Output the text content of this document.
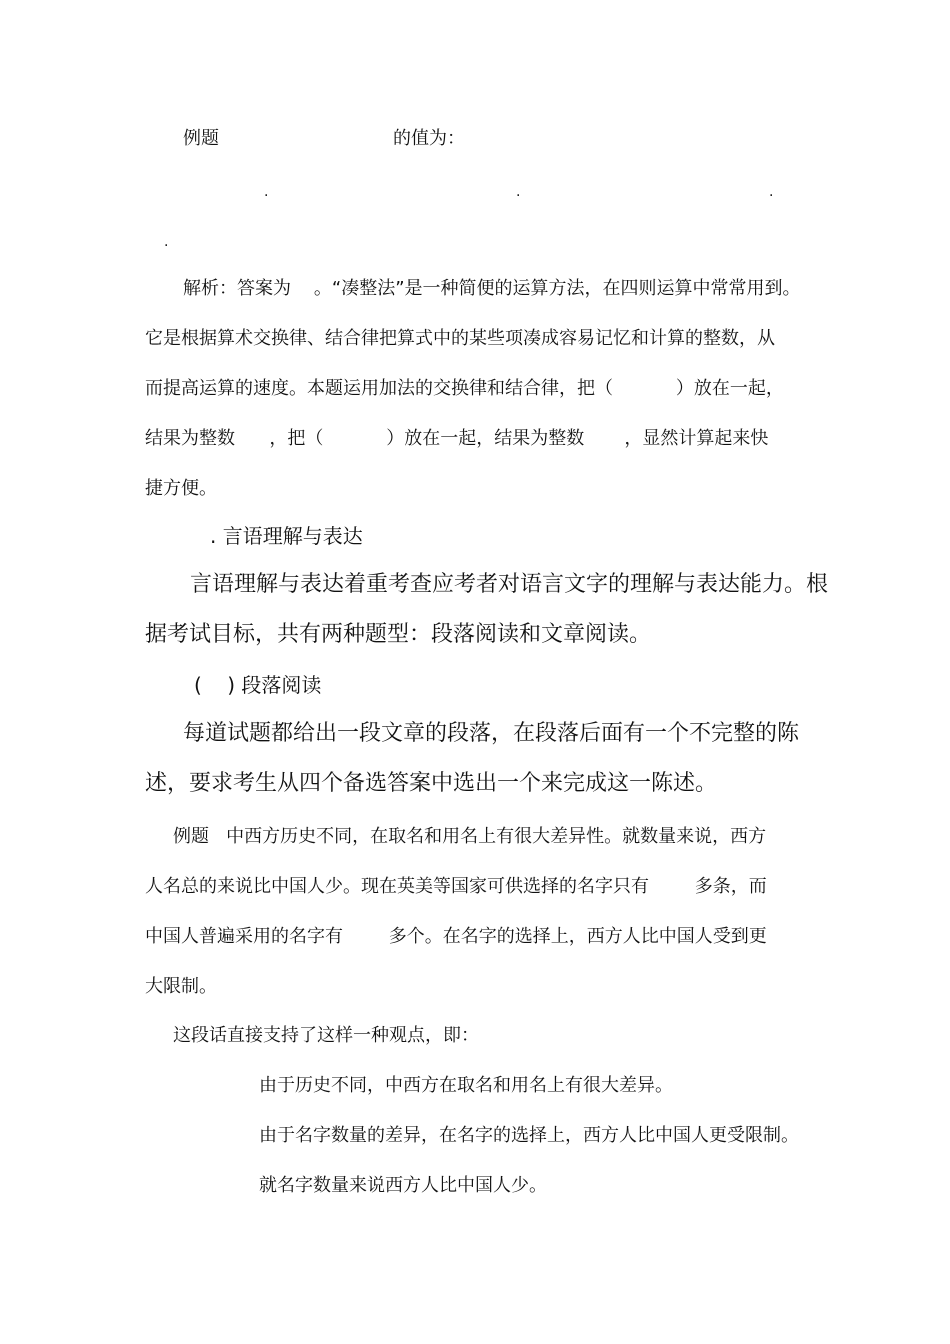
例题	的值为：
.	.	.
.
解析：答案为    。“凑整法”是一种简便的运算方法，在四则运算中常常用到。
它是根据算术交换律、结合律把算式中的某些项凑成容易记忆和计算的整数，从
而提高运算的速度。本题运用加法的交换律和结合律，把（           ）放在一起，
结果为整数      ，把（           ）放在一起，结果为整数       ，显然计算起来快
捷方便。
. 言语理解与表达
言语理解与表达着重考查应考者对语言文字的理解与表达能力。根
据考试目标，共有两种题型：段落阅读和文章阅读。
(    ) 段落阅读
每道试题都给出一段文章的段落，在段落后面有一个不完整的陈
述，要求考生从四个备选答案中选出一个来完成这一陈述。
例题   中西方历史不同，在取名和用名上有很大差异性。就数量来说，西方
人名总的来说比中国人少。现在英美等国家可供选择的名字只有        多条，而
中国人普遍采用的名字有        多个。在名字的选择上，西方人比中国人受到更
大限制。
这段话直接支持了这样一种观点，即：
由于历史不同，中西方在取名和用名上有很大差异。
由于名字数量的差异，在名字的选择上，西方人比中国人更受限制。
就名字数量来说西方人比中国人少。
